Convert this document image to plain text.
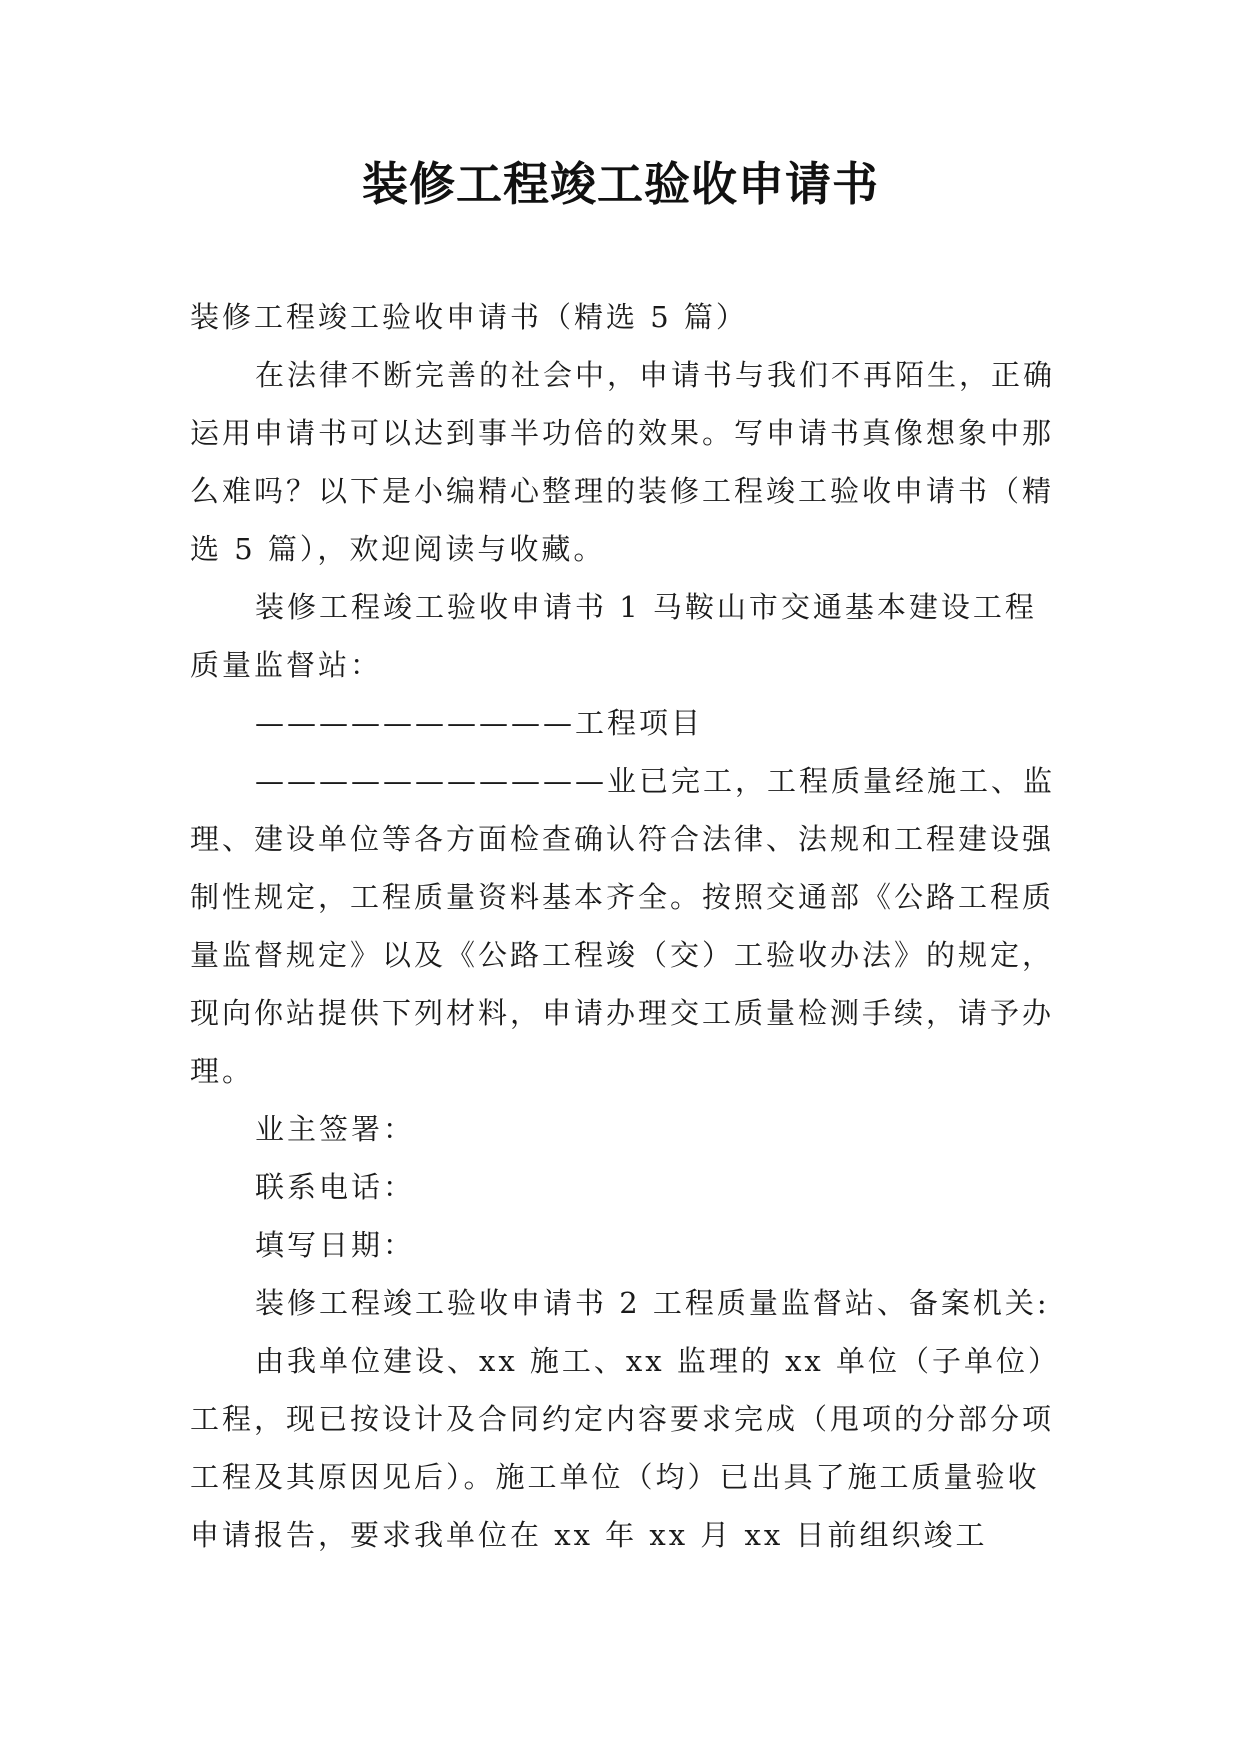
装修工程竣工验收申请书

装修工程竣工验收申请书（精选 5 篇）

在法律不断完善的社会中，申请书与我们不再陌生，正确运用申请书可以达到事半功倍的效果。写申请书真像想象中那么难吗？以下是小编精心整理的装修工程竣工验收申请书（精选 5 篇），欢迎阅读与收藏。

装修工程竣工验收申请书 1 马鞍山市交通基本建设工程质量监督站：

——————————工程项目

———————————业已完工，工程质量经施工、监理、建设单位等各方面检查确认符合法律、法规和工程建设强制性规定，工程质量资料基本齐全。按照交通部《公路工程质量监督规定》以及《公路工程竣（交）工验收办法》的规定，现向你站提供下列材料，申请办理交工质量检测手续，请予办理。

业主签署：

联系电话：

填写日期：

装修工程竣工验收申请书 2 工程质量监督站、备案机关:

由我单位建设、xx 施工、xx 监理的 xx 单位（子单位）工程，现已按设计及合同约定内容要求完成（甩项的分部分项工程及其原因见后）。施工单位（均）已出具了施工质量验收申请报告，要求我单位在 xx 年 xx 月 xx 日前组织竣工
